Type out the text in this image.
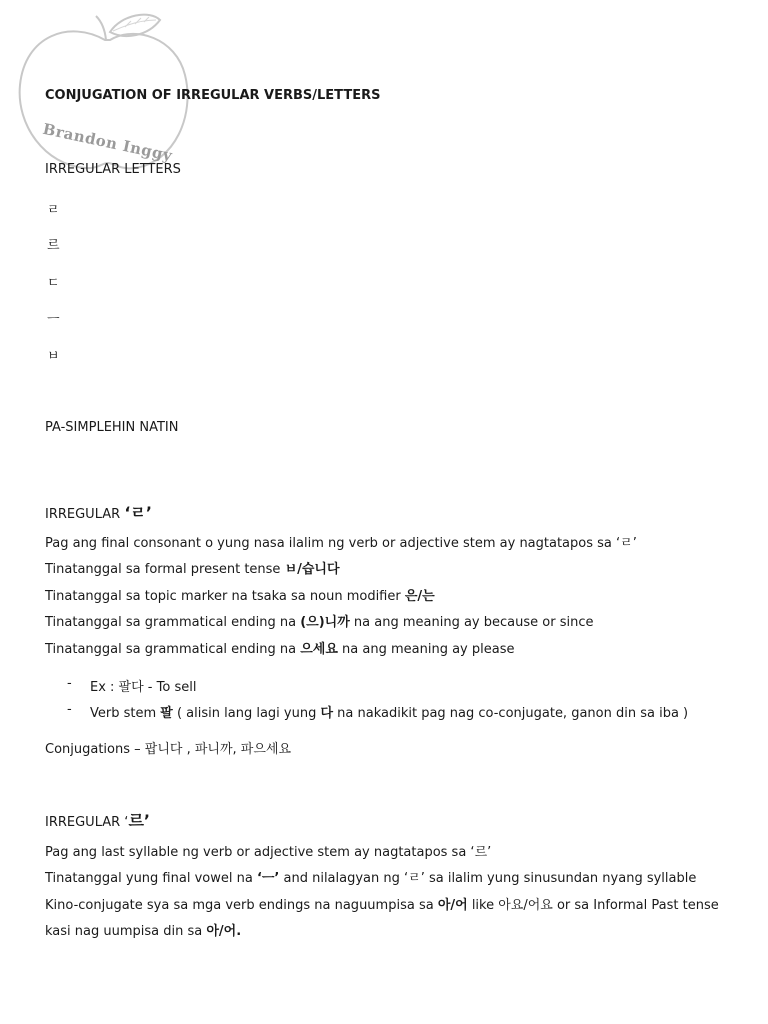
Brandon Inggy
CONJUGATION OF IRREGULAR VERBS/LETTERS
IRREGULAR LETTERS
ㄹ
르
ㄷ
ㅡ
ㅂ
PA-SIMPLEHIN NATIN
IRREGULAR ‘ㄹ’
Pag ang final consonant o yung nasa ilalim ng verb or adjective stem ay nagtatapos sa ‘ㄹ’
Tinatanggal sa formal present tense ㅂ/습니다
Tinatanggal sa topic marker na tsaka sa noun modifier 은/는
Tinatanggal sa grammatical ending na (으)니까 na ang meaning ay because or since
Tinatanggal sa grammatical ending na 으세요 na ang meaning ay please
- Ex : 팔다 - To sell
- Verb stem 팔 ( alisin lang lagi yung 다 na nakadikit pag nag co-conjugate, ganon din sa iba )
Conjugations – 팝니다 , 파니까, 파으세요
IRREGULAR ‘르’
Pag ang last syllable ng verb or adjective stem ay nagtatapos sa ‘르’
Tinatanggal yung final vowel na ‘ㅡ’ and nilalagyan ng ‘ㄹ’ sa ilalim yung sinusundan nyang syllable
Kino-conjugate sya sa mga verb endings na naguumpisa sa 아/어 like 아요/어요 or sa Informal Past tense
kasi nag uumpisa din sa 아/어.
